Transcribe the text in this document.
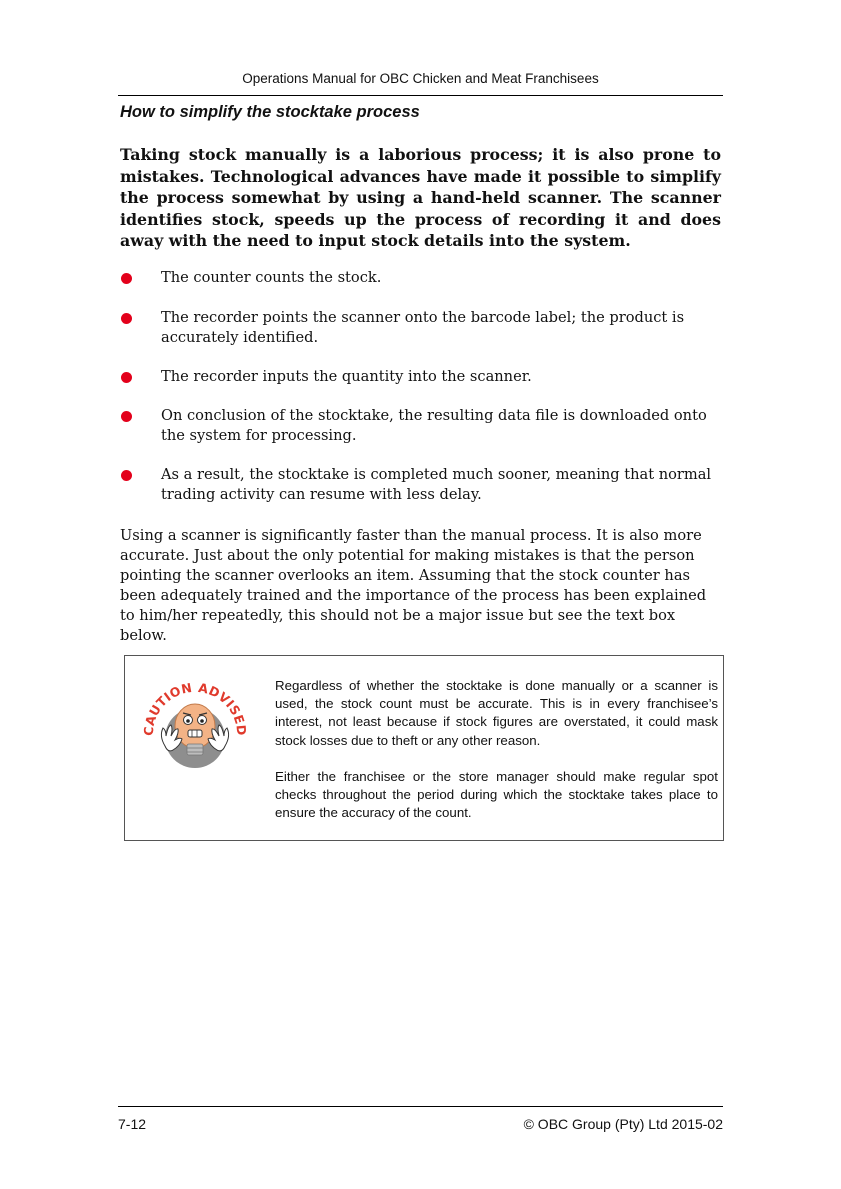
Operations Manual for OBC Chicken and Meat Franchisees
How to simplify the stocktake process
Taking stock manually is a laborious process; it is also prone to mistakes. Technological advances have made it possible to simplify the process somewhat by using a hand-held scanner. The scanner identifies stock, speeds up the process of recording it and does away with the need to input stock details into the system.
The counter counts the stock.
The recorder points the scanner onto the barcode label; the product is accurately identified.
The recorder inputs the quantity into the scanner.
On conclusion of the stocktake, the resulting data file is downloaded onto the system for processing.
As a result, the stocktake is completed much sooner, meaning that normal trading activity can resume with less delay.
Using a scanner is significantly faster than the manual process. It is also more accurate. Just about the only potential for making mistakes is that the person pointing the scanner overlooks an item. Assuming that the stock counter has been adequately trained and the importance of the process has been explained to him/her repeatedly, this should not be a major issue but see the text box below.
CAUTION ADVISED

Regardless of whether the stocktake is done manually or a scanner is used, the stock count must be accurate. This is in every franchisee’s interest, not least because if stock figures are overstated, it could mask stock losses due to theft or any other reason.

Either the franchisee or the store manager should make regular spot checks throughout the period during which the stocktake takes place to ensure the accuracy of the count.

7-12	© OBC Group (Pty) Ltd 2015-02
